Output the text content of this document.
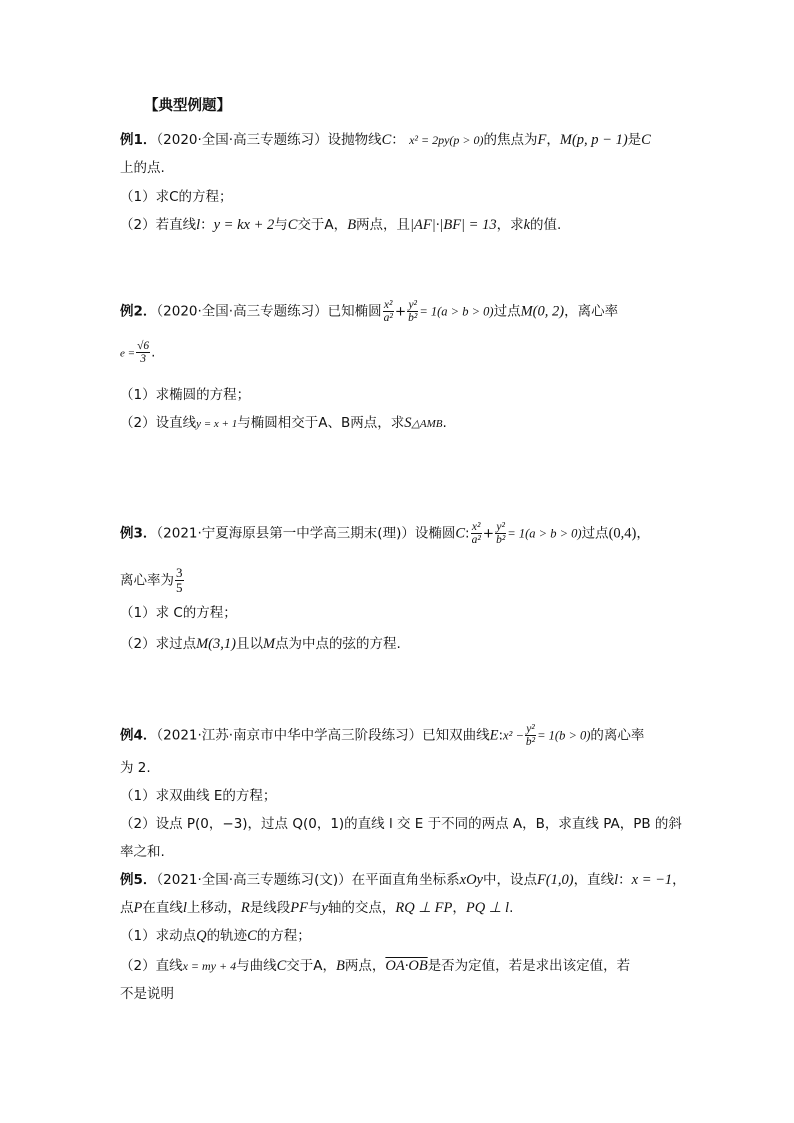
【典型例题】
例1．（2020·全国·高三专题练习）设抛物线C： x² = 2py(p > 0)的焦点为F，M(p, p − 1)是C
上的点.
（1）求C的方程；
（2）若直线l：y = kx + 2与C交于A，B两点，且|AF|·|BF| = 13，求k的值.
例2．（2020·全国·高三专题练习）已知椭圆 $\frac{\text{x²}}{\text{a²}} + \frac{\text{y²}}{\text{b²}} = 1(a > b > 0)$过点M(0, 2)，离心率
$e = \frac{√6}{3}$ .
（1）求椭圆的方程；
（2）设直线y = x + 1与椭圆相交于A、B两点，求S△AMB.
例3．（2021·宁夏海原县第一中学高三期末(理)）设椭圆C: $\frac{\text{x²}}{\text{a²}} + \frac{\text{y²}}{\text{b²}} = 1(a > b > 0)$过点(0,4)，
离心率为 $\frac{3}{5}$
（1）求 C的方程；
（2）求过点M(3,1)且以M点为中点的弦的方程.
例4．（2021·江苏·南京市中华中学高三阶段练习）已知双曲线E:x² − $\frac{\text{y²}}{\text{b²}} = 1(b > 0)$的离心率
为 2.
（1）求双曲线 E的方程；
（2）设点 P(0，−3)，过点 Q(0，1)的直线 l 交 E 于不同的两点 A，B，求直线 PA，PB 的斜
率之和.
例5．（2021·全国·高三专题练习(文)）在平面直角坐标系xOy中，设点F(1,0)，直线l：x = −1，
点P在直线l上移动，R是线段PF与y轴的交点，RQ ⊥ FP，PQ ⊥ l.
（1）求动点Q的轨迹C的方程；
（2）直线x = my + 4与曲线C交于A，B两点，OA·OB是否为定值，若是求出该定值，若
不是说明
